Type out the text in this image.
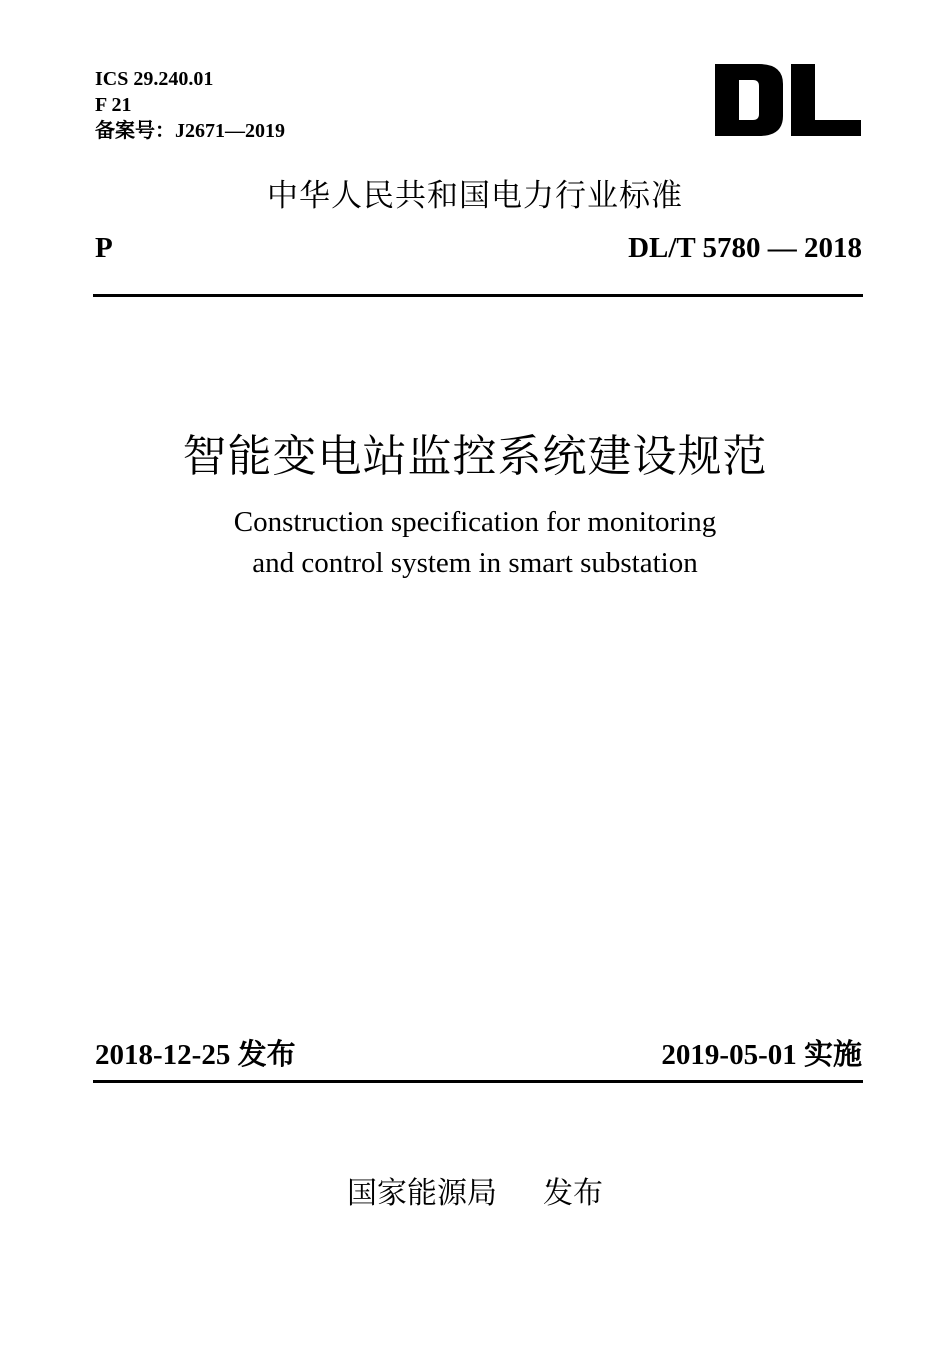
ICS 29.240.01
F 21
备案号：J2671—2019
中华人民共和国电力行业标准
P	DL/T 5780 — 2018
智能变电站监控系统建设规范
Construction specification for monitoring
and control system in smart substation
2018-12-25 发布	2019-05-01 实施
国家能源局 发布
